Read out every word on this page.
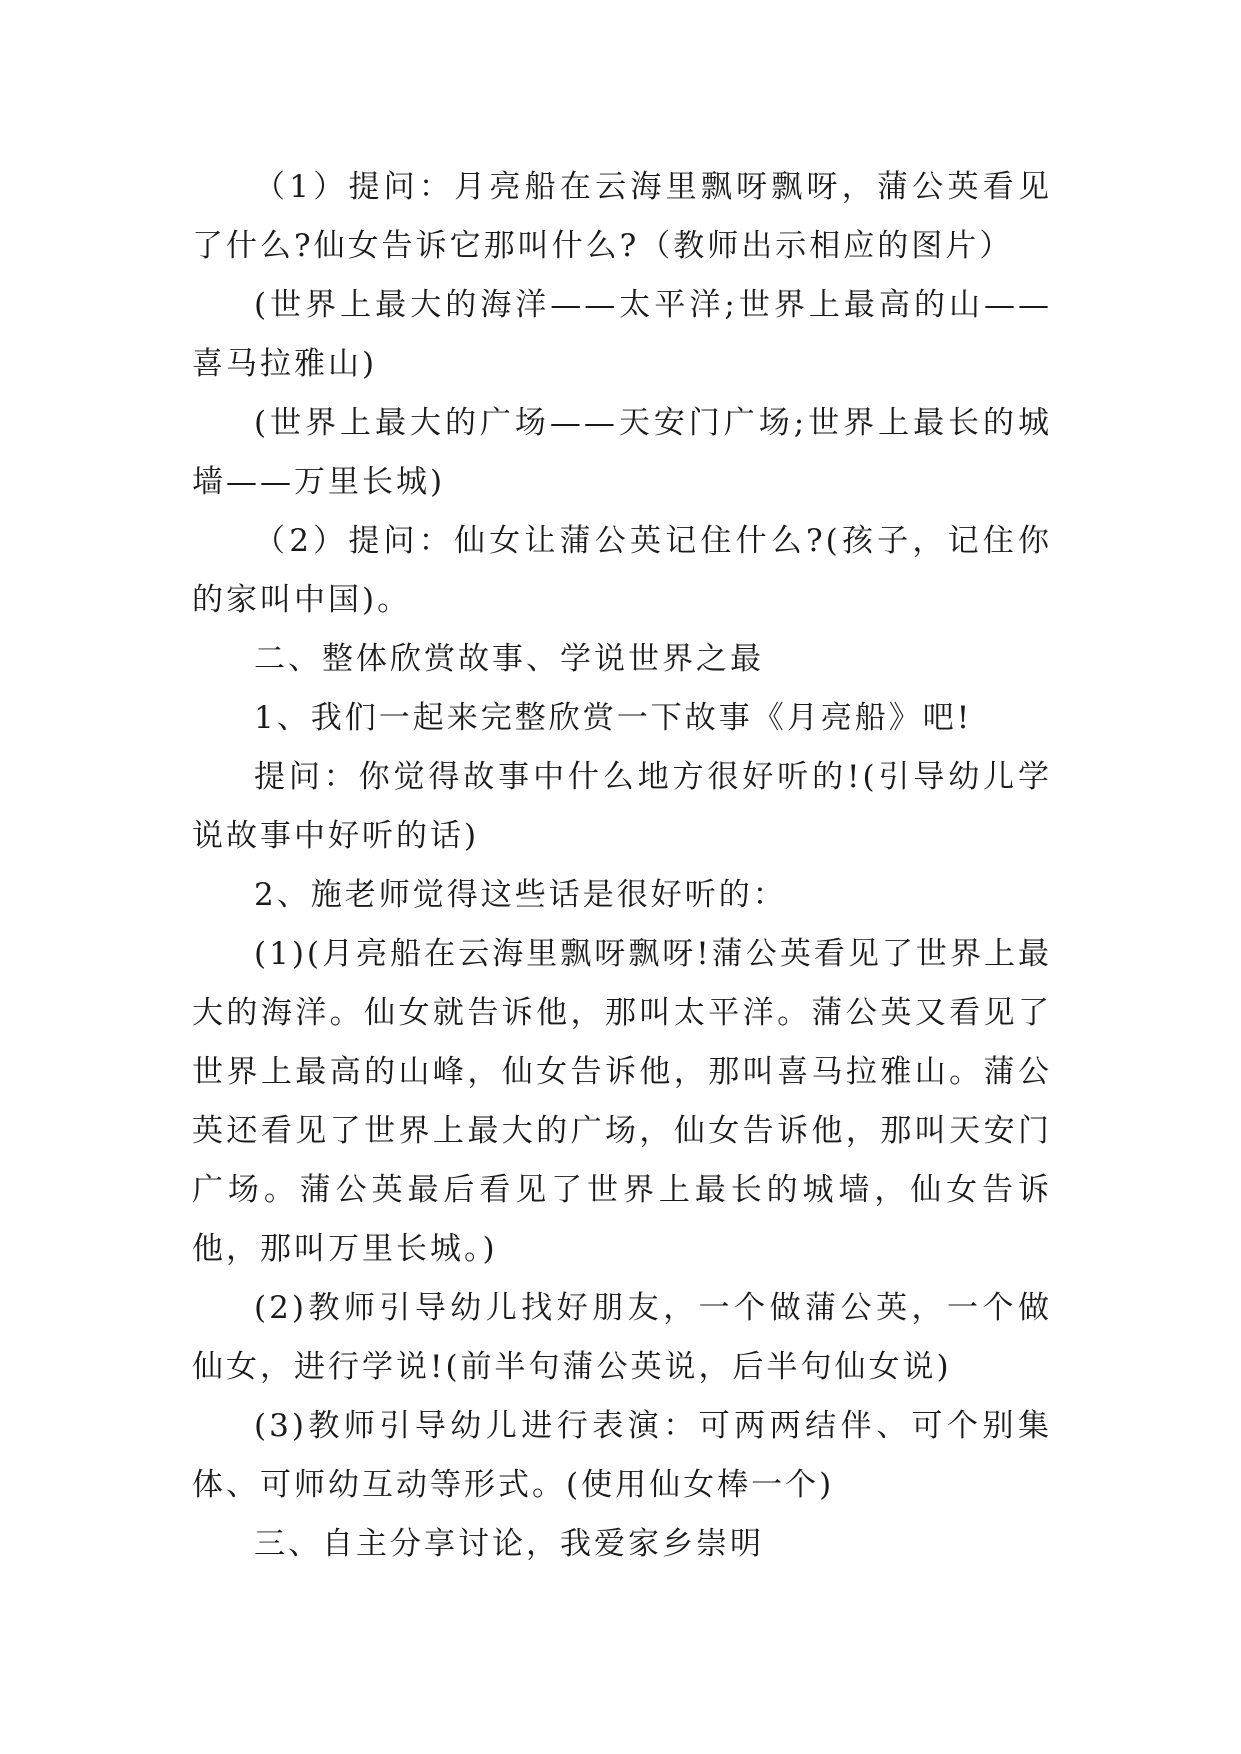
（1）提问：月亮船在云海里飘呀飘呀，蒲公英看见了什么?仙女告诉它那叫什么?（教师出示相应的图片）

(世界上最大的海洋——太平洋;世界上最高的山——喜马拉雅山)

(世界上最大的广场——天安门广场;世界上最长的城墙——万里长城)

（2）提问：仙女让蒲公英记住什么?(孩子，记住你的家叫中国)。

二、整体欣赏故事、学说世界之最

1、我们一起来完整欣赏一下故事《月亮船》吧!

提问：你觉得故事中什么地方很好听的!(引导幼儿学说故事中好听的话)

2、施老师觉得这些话是很好听的：

(1)(月亮船在云海里飘呀飘呀!蒲公英看见了世界上最大的海洋。仙女就告诉他，那叫太平洋。蒲公英又看见了世界上最高的山峰，仙女告诉他，那叫喜马拉雅山。蒲公英还看见了世界上最大的广场，仙女告诉他，那叫天安门广场。蒲公英最后看见了世界上最长的城墙，仙女告诉他，那叫万里长城。)

(2)教师引导幼儿找好朋友，一个做蒲公英，一个做仙女，进行学说!(前半句蒲公英说，后半句仙女说)

(3)教师引导幼儿进行表演：可两两结伴、可个别集体、可师幼互动等形式。(使用仙女棒一个)

三、自主分享讨论，我爱家乡崇明
